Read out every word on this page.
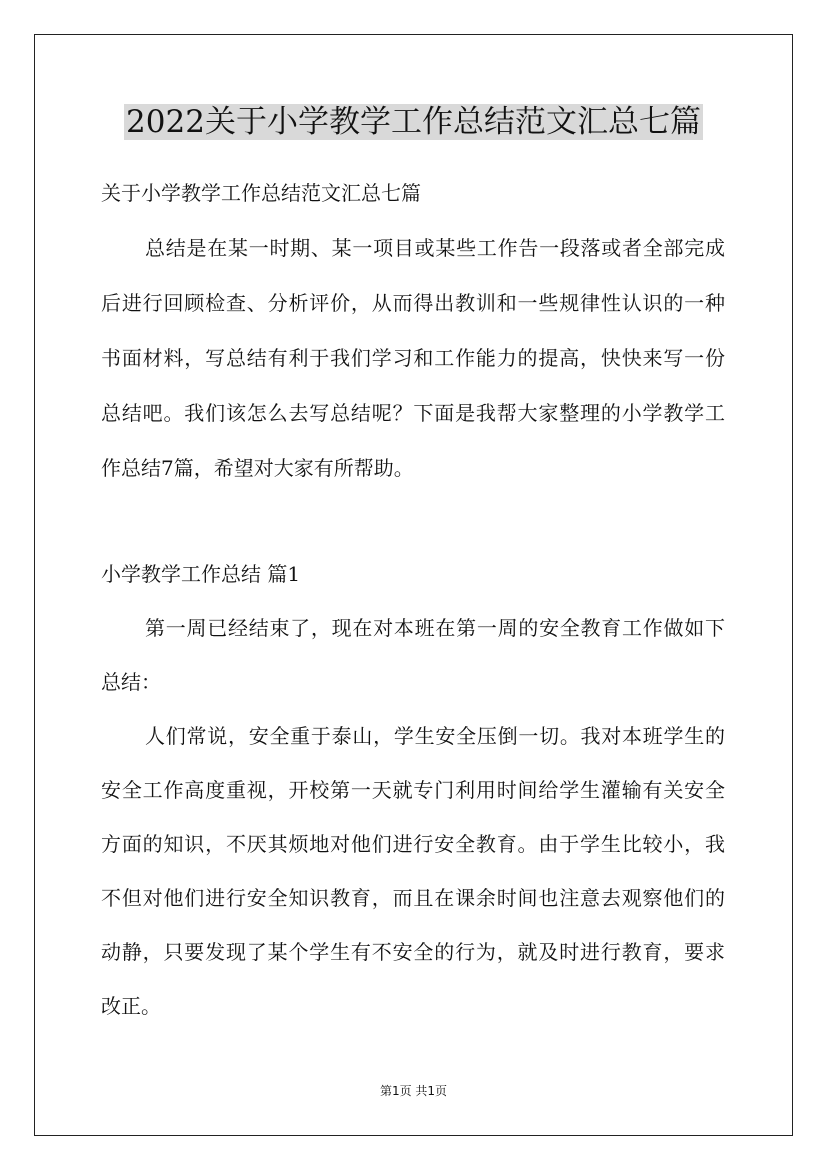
2022关于小学教学工作总结范文汇总七篇
关于小学教学工作总结范文汇总七篇
总结是在某一时期、某一项目或某些工作告一段落或者全部完成
后进行回顾检查、分析评价，从而得出教训和一些规律性认识的一种
书面材料，写总结有利于我们学习和工作能力的提高，快快来写一份
总结吧。我们该怎么去写总结呢？下面是我帮大家整理的小学教学工
作总结7篇，希望对大家有所帮助。
小学教学工作总结 篇1
第一周已经结束了，现在对本班在第一周的安全教育工作做如下
总结：
人们常说，安全重于泰山，学生安全压倒一切。我对本班学生的
安全工作高度重视，开校第一天就专门利用时间给学生灌输有关安全
方面的知识，不厌其烦地对他们进行安全教育。由于学生比较小，我
不但对他们进行安全知识教育，而且在课余时间也注意去观察他们的
动静，只要发现了某个学生有不安全的行为，就及时进行教育，要求
改正。
第1页 共1页
